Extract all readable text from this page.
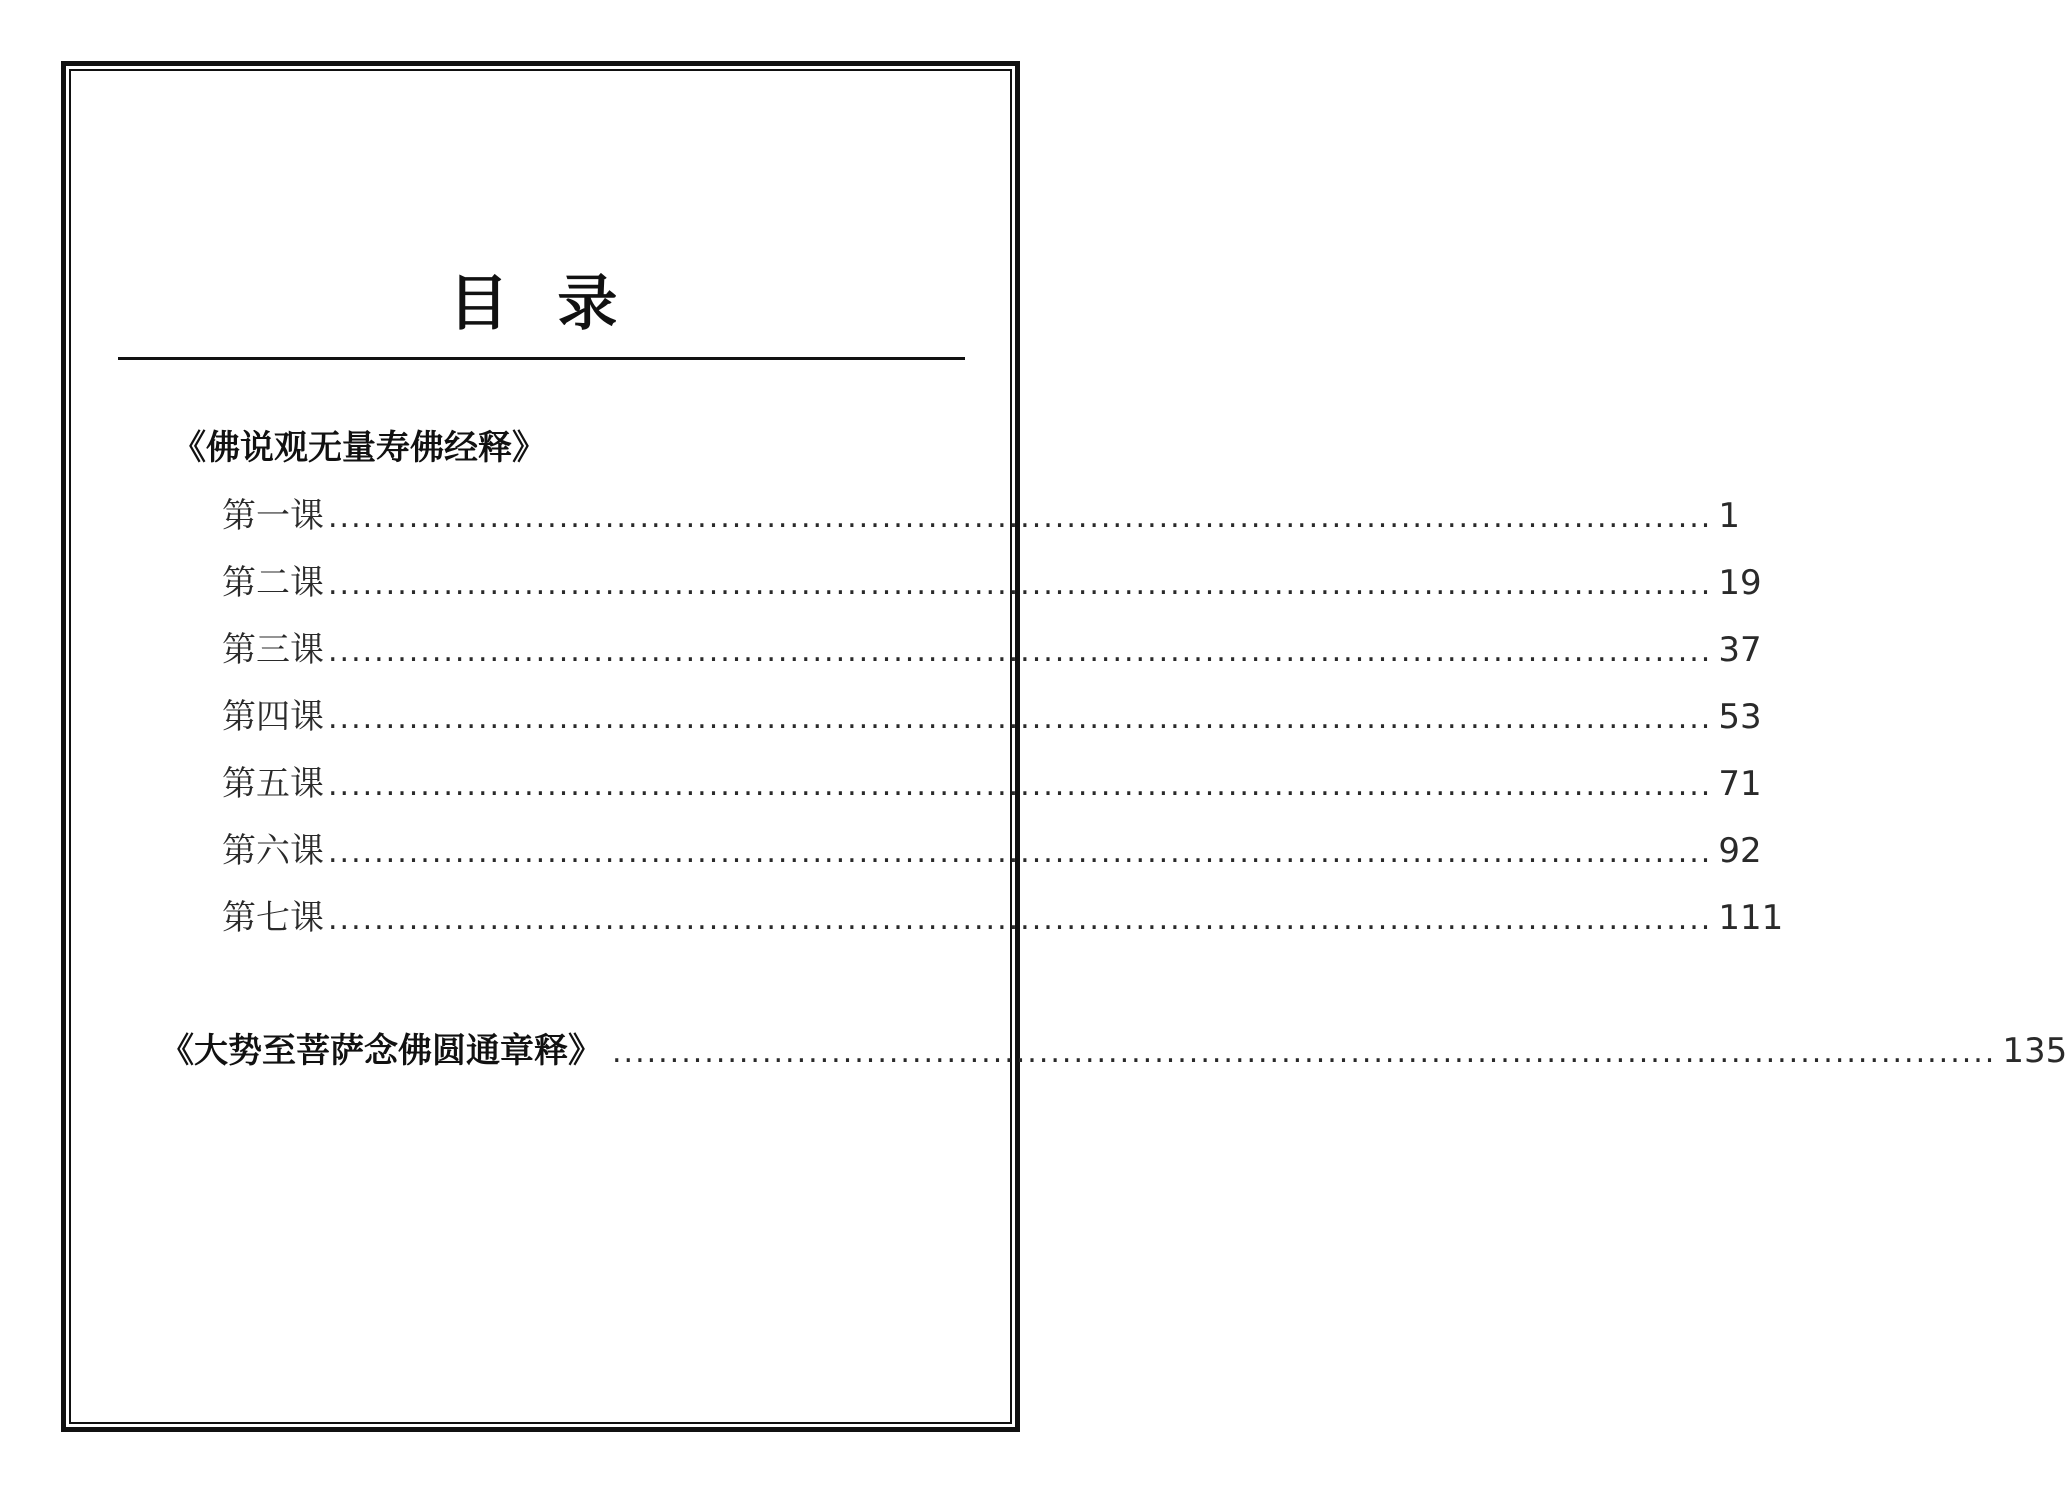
目 录
《佛说观无量寿佛经释》
第一课 ........................................................................................................................ 1
第二课 ........................................................................................................................ 19
第三课 ........................................................................................................................ 37
第四课 ........................................................................................................................ 53
第五课 ........................................................................................................................ 71
第六课 ........................................................................................................................ 92
第七课 ........................................................................................................................ 111
《大势至菩萨念佛圆通章释》 ........................................................................................................................ 135
